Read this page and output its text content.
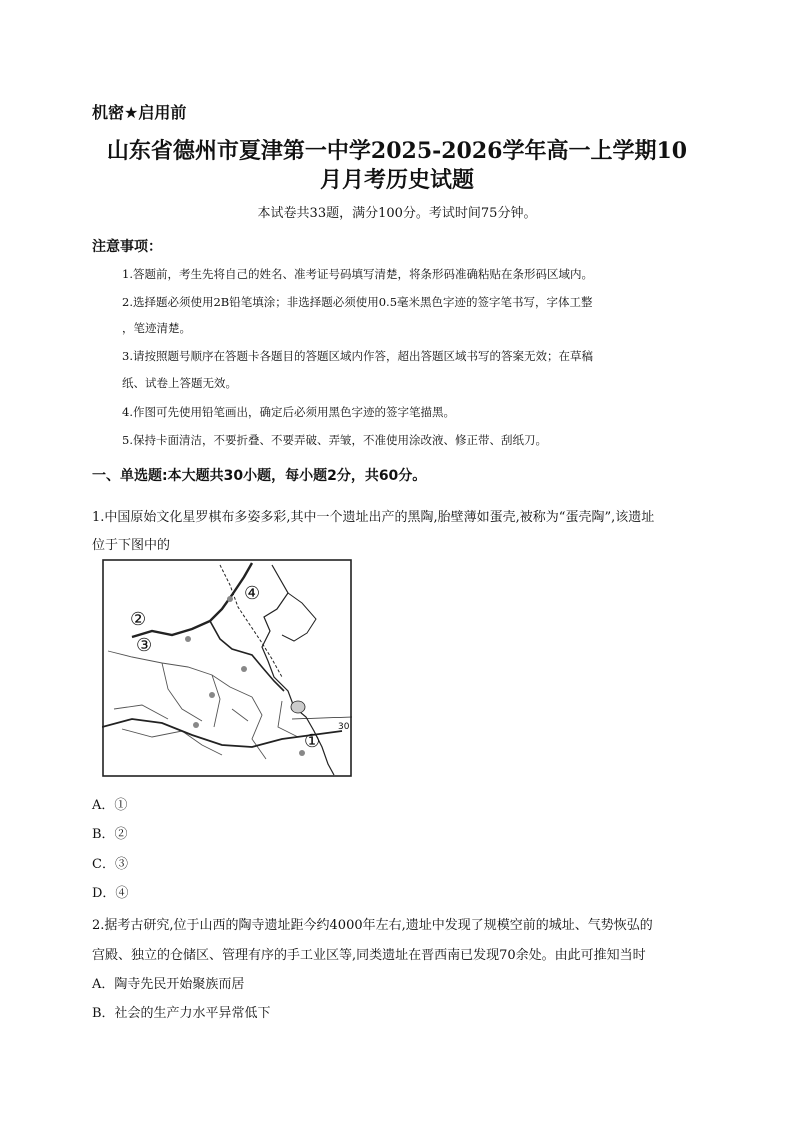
机密★启用前
山东省德州市夏津第一中学2025-2026学年高一上学期10
月月考历史试题
本试卷共33题，满分100分。考试时间75分钟。
注意事项：
1.答题前，考生先将自己的姓名、准考证号码填写清楚，将条形码准确粘贴在条形码区域内。
2.选择题必须使用2B铅笔填涂；非选择题必须使用0.5毫米黑色字迹的签字笔书写，字体工整
，笔迹清楚。
3.请按照题号顺序在答题卡各题目的答题区域内作答，超出答题区域书写的答案无效；在草稿
纸、试卷上答题无效。
4.作图可先使用铅笔画出，确定后必须用黑色字迹的签字笔描黑。
5.保持卡面清洁，不要折叠、不要弄破、弄皱，不准使用涂改液、修正带、刮纸刀。
一、单选题:本大题共30小题，每小题2分，共60分。
1.中国原始文化星罗棋布多姿多彩,其中一个遗址出产的黑陶,胎壁薄如蛋壳,被称为“蛋壳陶”,该遗址
位于下图中的
④
②
③
①
30
A．①
B．②
C．③
D．④
2.据考古研究,位于山西的陶寺遗址距今约4000年左右,遗址中发现了规模空前的城址、气势恢弘的
宫殿、独立的仓储区、管理有序的手工业区等,同类遗址在晋西南已发现70余处。由此可推知当时
A．陶寺先民开始聚族而居
B．社会的生产力水平异常低下
